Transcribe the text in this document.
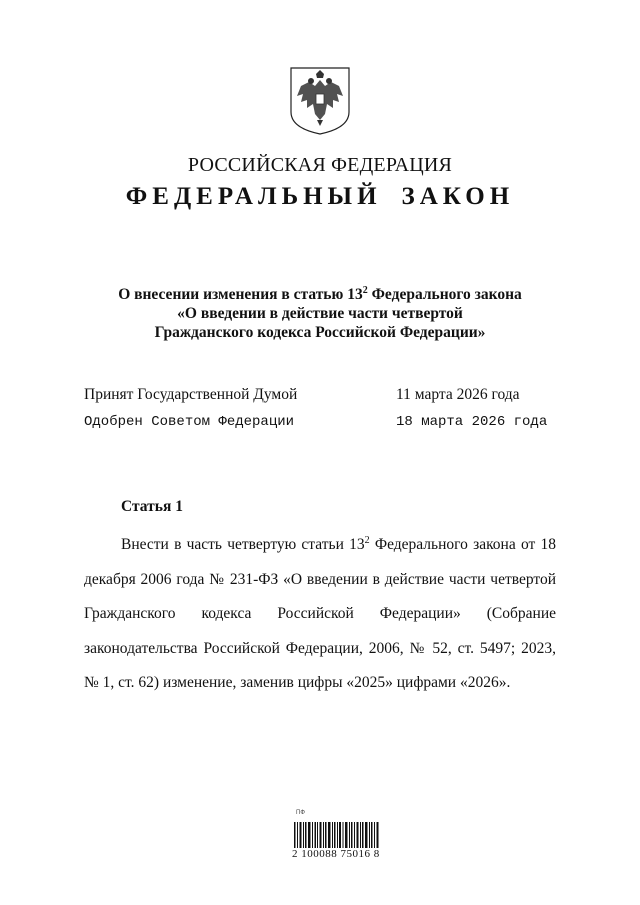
РОССИЙСКАЯ ФЕДЕРАЦИЯ
ФЕДЕРАЛЬНЫЙ ЗАКОН
О внесении изменения в статью $13^2$ Федерального закона
«О введении в действие части четвертой
Гражданского кодекса Российской Федерации»
Принят Государственной Думой	11 марта 2026 года
Одобрен Советом Федерации	18 марта 2026 года
Статья 1
Внести в часть четвертую статьи $13^2$ Федерального закона от 18 декабря 2006 года № 231-ФЗ «О введении в действие части четвертой Гражданского кодекса Российской Федерации» (Собрание законодательства Российской Федерации, 2006, № 52, ст. 5497; 2023, № 1, ст. 62) изменение, заменив цифры «2025» цифрами «2026».
ПФ
2 100088 75016 8
